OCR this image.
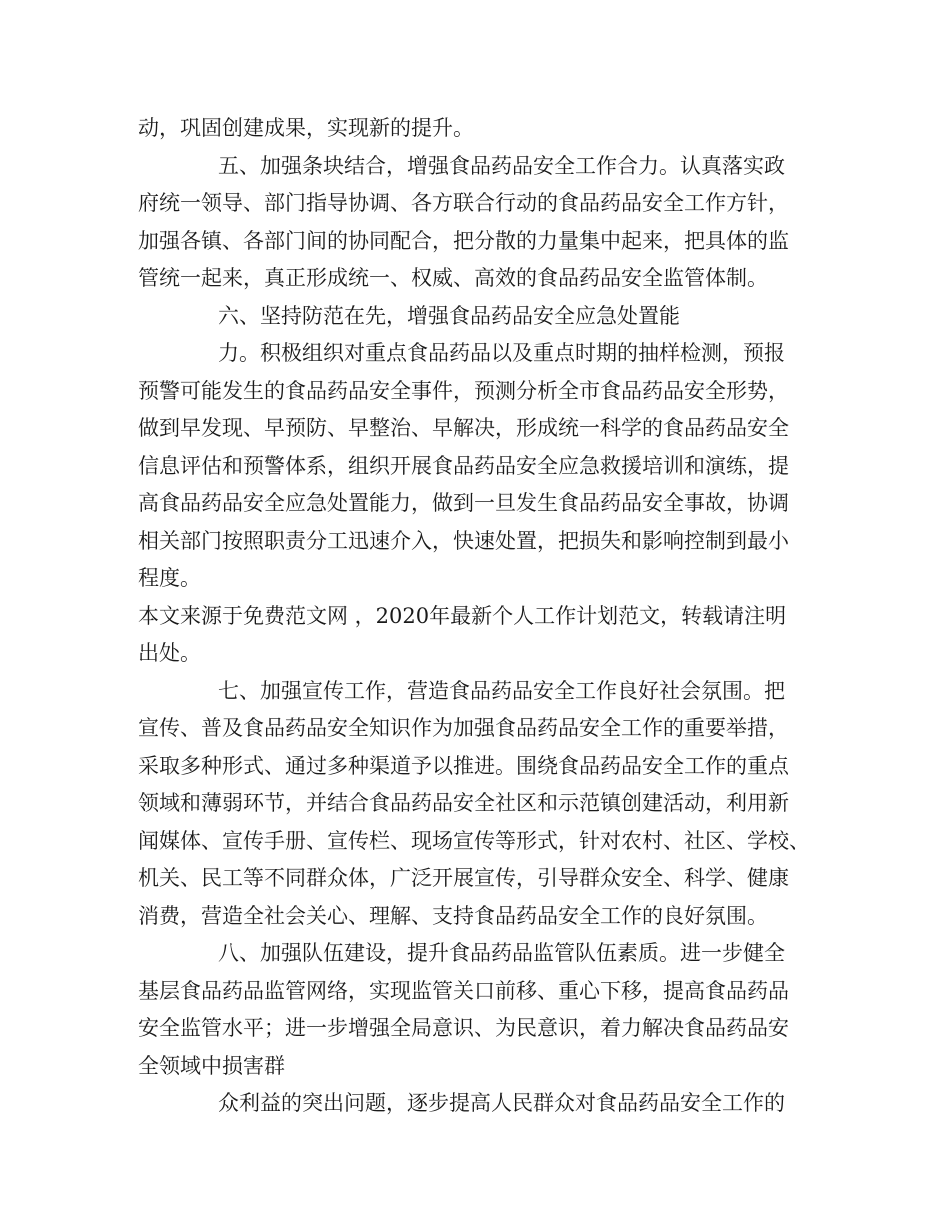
动，巩固创建成果，实现新的提升。
五、加强条块结合，增强食品药品安全工作合力。认真落实政
府统一领导、部门指导协调、各方联合行动的食品药品安全工作方针，
加强各镇、各部门间的协同配合，把分散的力量集中起来，把具体的监
管统一起来，真正形成统一、权威、高效的食品药品安全监管体制。
六、坚持防范在先，增强食品药品安全应急处置能
力。积极组织对重点食品药品以及重点时期的抽样检测，预报
预警可能发生的食品药品安全事件，预测分析全市食品药品安全形势，
做到早发现、早预防、早整治、早解决，形成统一科学的食品药品安全
信息评估和预警体系，组织开展食品药品安全应急救援培训和演练，提
高食品药品安全应急处置能力，做到一旦发生食品药品安全事故，协调
相关部门按照职责分工迅速介入，快速处置，把损失和影响控制到最小
程度。
本文来源于免费范文网 ，2020年最新个人工作计划范文，转载请注明
出处。
七、加强宣传工作，营造食品药品安全工作良好社会氛围。把
宣传、普及食品药品安全知识作为加强食品药品安全工作的重要举措，
采取多种形式、通过多种渠道予以推进。围绕食品药品安全工作的重点
领域和薄弱环节，并结合食品药品安全社区和示范镇创建活动，利用新
闻媒体、宣传手册、宣传栏、现场宣传等形式，针对农村、社区、学校、
机关、民工等不同群众体，广泛开展宣传，引导群众安全、科学、健康
消费，营造全社会关心、理解、支持食品药品安全工作的良好氛围。
八、加强队伍建设，提升食品药品监管队伍素质。进一步健全
基层食品药品监管网络，实现监管关口前移、重心下移，提高食品药品
安全监管水平；进一步增强全局意识、为民意识，着力解决食品药品安
全领域中损害群
众利益的突出问题，逐步提高人民群众对食品药品安全工作的
